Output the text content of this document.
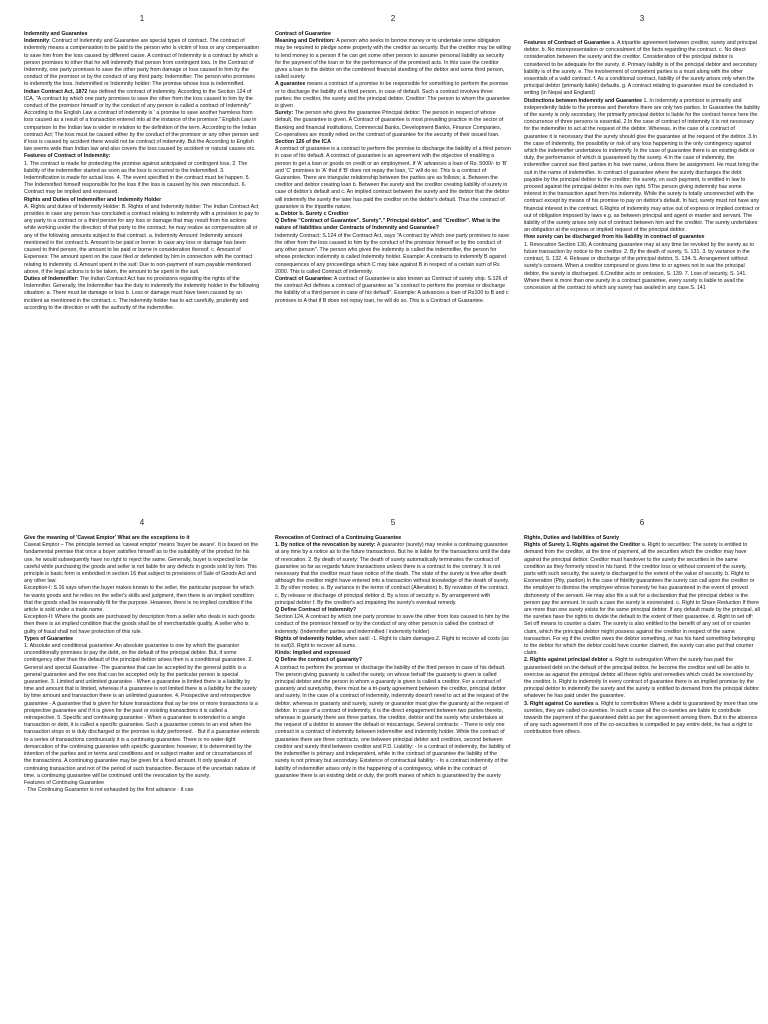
1	2	3
4	5	6

Indemnity and Guarantee

Indemnity: Contract of Indemnity and Guarantee are special types of contract. The contract of indemnity means a compensation to be paid to the person who is victim of loss or any compensation to save him from the loss caused by different cause. A contract of Indemnity is a contract by which a person promises to other that he will indemnify that person from contingent loss. In the Contract of Indemnity, one party promises to save the other party from damage or loss caused to him by the conduct of the promisor or by the conduct of any third party. Indemnifier: The person who promises to indemnify the loss. Indemnified or Indemnity holder: The promise whose loss is indemnified.

Indian Contract Act, 1872 has defined the contract of indemnity. According to the Section 124 of ICA, "A contract by which one party promises to save the other from the loss caused to him by the conduct of the promisor himself or by the conduct of any person is called a contract of Indemnity" According to the English Law a contract of indemnity is ' a promise to save another harmless from loss caused as a result of a transaction entered into at the instance of the promisor." English Law in comparison to the Indian law is wider in relation to the definition of the term. According to the Indian contract Act; The loss must be caused either by the conduct of the promisor or any other person and if loss is caused by accident there would not be contract of indemnity. But the According to English law seems wide than Indian law and also covers the loss caused by accident or natural causes etc.

Features of Contract of Indemnity:

1. The contract is made for protecting the promise against anticipated or contingent loss. 2. The liability of the indemnifier started as soon as the loss is occurred to the indemnified. 3. Indemnification is made for actual loss. 4. The event specified in the contract must be happen. 5. The Indemnified himself responsible for the loss if the loss is caused by his own misconduct. 6. Contract may be implied and expressed.

Rights and Duties of Indemnifier and Indemnity Holder

A. Rights and duties of Indemnity Holder: B. Rights of and Indemnity holder: The Indian Contract Act provides in case any person has concluded a contract relating to indemnity with a provision to pay to any party to a contract or a third person for any loss or damage that may result from his actions while working under the direction of that party to the contract, he may realize as compensation all or any of the following amounts subject to that contract. a. Indemnity Amount: Indemnity amount mentioned in the contract b. Amount to be paid or borne: In case any loss or damage has been caused to third person, the amount to be paid or borne in consideration thereof. c. Amount of Expenses: The amount spent on the case filed or defended by him in connection with the contract relating to indemnity. d. Amount spent in the suit: Due to non-payment of sum payable mentioned above, if the legal actions is to be taken, the amount to be spent in the suit.

Duties of Indemnifier: The Indian Contract Act has no provisions regarding the rights of the Indemnifier. Generally, the Indemnifier has the duty to indemnify the indemnity holder in the following situation: a. There must be damage or loss b. Loss or damage must have been caused by an incident as mentioned in the contract. c. The indemnity holder has to act carefully, prudently and according to the direction or with the authority of the indemnifier.

Contract of Guarantee

Meaning and Definition: A person who seeks to borrow money or to undertake some obligation may be required to pledge some property with the creditor as security. But the creditor may be willing to lend money to a person if he can get some other person to assume personal liability as security for the payment of the loan or for the performance of the promised acts. In this case the creditor gives a loan to the debtor on the combined financial standing of the debtor and some third person, called surety.

A guarantee means a contract of a promise to be responsible for something to perform the promise or to discharge the liability of a third person, in case of default. Such a contract involves three parties; the creditor, the surety and the principal debtor. Creditor: The person to whom the guarantee is given

Surety: The person who gives the guarantee Principal debtor: The person in respect of whose default, the guarantee is given. A Contract of guarantee is most prevailing practice in the sector of Banking and financial institutions, Commercial Banks, Development Banks, Finance Companies, Co-operatives are mostly relied on the contract of guarantee for the security of their issued loan.

Section 126 of the ICA

A contract of guarantee is a contract to perform the promise to discharge the liability of a third person in case of his default. A contract of guarantee is an agreement with the objective of enabling a person to get a loan or goods on credit or an employment. If 'A' advances a loan of Rs. 5000/- to 'B' and 'C' promises to 'A' that if 'B' does not repay the loan, 'C' will do so. This is a contract of Guarantee. There are triangular relationship between the parties are as follows; a. Between the creditor and debtor creating loan b. Between the surety and the creditor creating liability of surety in case of debtor's default and c. An implied contract between the surety and the debtor that the debtor will indemnify the surety the later has paid the creditor on the debtor's default. Thus the contract of guarantee is the tripartite nature.

a. Debtor b. Surety c Creditor

Q Define "Contract of Guarantee", Surety"," Principal debtor", and "Creditor". What is the nature of liabilities under Contracts of Indemnity and Guarantee?

Indemnity Contract: S.124 of the Contract Act, says "A contract by which one party promises to save the other from the loss caused to him by the conduct of the promisor himself or by the conduct of any other person". The person who gives the indemnity is called the indemnifier, the person for whose protection indemnity is called Indemnity holder. Example: A contracts to indemnify B against consequences of any proceedings which C may take against B in respect of a certain sum of Rs 2000. This is called Contract of indemnity.

Contract of Guarantee: A contract of Guarantee is also known as Contract of surety ship. S.126 of the contract Act defines a contract of guarantee as "a contract to perform the promise or discharge the liability of a third person in case of his default". Example: A advances a loan of Rs100 to B and c promises to A that if B does not repay loan, he will do so. This is a Contract of Guarantee.

Features of Contract of Guarantee a. A tripartite agreement between creditor, surety and principal debtor. b. No misrepresentation or concealment of the facts regarding the contract. c. No direct consideration between the surety and the creditor. Consideration of the principal debtor is considered to be adequate for the surety. d. Primary liability is of the principal debtor and secondary liability is of the surety. e. The involvement of competent parties is a must along with the other essentials of a valid contract. f. As a conditional contract, liability of the surety arises only when the principal debtor (primarily liable) defaults. g. A contract relating to guarantee must be concluded in writing (in Nepal and England)

Distinctions between Indemnity and Guarantee 1. In indemnity a promisor is primarily and independently liable to the promise and therefore there are only two parties. In Guarantee the liability of the surety is only secondary, the primarily principal debtor is liable for the contract hence here the concurrence of three persons is essential. 2.In the case of contract of indemnity it is not necessary for the indemnifier to act at the request of the debtor. Whereas, in the case of a contract of guarantee it is necessary that the surety should give the guarantee at the request of the debtor. 3.In the case of Indemnity, the possibility or risk of any loss happening is the only contingency against which the indemnifier undertakes to indemnify. In the case of guarantee there is an existing debt or duty, the performance of which is guaranteed by the surety. 4.In the case of indemnity, the indemnifier cannot sue third parties in his own name, unless there be assignment. He must bring the suit in the name of indemnifier. In contract of guarantee where the surety discharges the debt payable by the principal debtor to the creditor; the surety, on such payment, is entitled in law to proceed against the principal debtor in his own right. 5The person giving indemnity has some interest in the transaction apart from his indemnity. While the surety is totally unconnected with the contract except by means of his promise to pay on debtor's default. In fact, surety must not have any financial interest in the contract. 6.Rights of indemnity may arise out of express or implied contract or out of obligation imposed by laws e.g. as between principal and agent or master and servant. The liability of the surety arises only out of contract between him and the creditor. The surety undertakes an obligation at the express or implied request of the principal debtor.

How surety can be discharged from his liability in contract of guarantee

1. Revocation Section 130, A continuing guarantee may at any time be revoked by the surety as to future transaction by notice to the creditor. 2. By the death of surety, S. 131. 3. by variance in the contract, S. 132. 4. Release or discharge of the principal debtor, S. 134. 5. Arrangement without surety's consent. When a creditor compound or gives time to or agrees not to sue the principal debtor, the surety is discharged. 6.Creditor acts or omission, S. 139. 7. Loss of security, S. 141. Where there is more than one surety in a contract guarantee, every surety is liable to avail the concession at the contract to which any surety has availed in any case.S. 141

Give the meaning of 'Caveat Emptor' What are the exceptions to it

Caveat Emptor – The principle termed as 'caveat emptor' means 'buyer be aware'. It is based on the fundamental premise that once a buyer satisfies himself as to the suitability of the product for his use, he would subsequently have no right to reject the same. Generally, buyer is expected to be careful while purchasing the goods and seller is not liable for any defects in goods sold by him. This principle is basic form is embodied in section 16 that subject to provisions of Sale of Goods Act and any other law.

Exception-I: S.16 says when the buyer makes known to the seller, the particular purpose for which he wants goods and he relies on the seller's skills and judgment, then there is an implied condition that the goods shall be reasonably fit for the purpose. However, there is no implied condition if the article is sold under a trade name.

Exception-II: Where the goods are purchased by description from a seller who deals in such goods then there is an implied condition that the goods shall be of merchantable quality. A seller who is guilty of fraud shall not have protection of this rule.

Types of Guarantee

1. Absolute and conditional guarantee: An absolute guarantee is one by which the guarantor unconditionally promises to pay the debt, on the default of the principal debtor. But, if some contingency other than the default of the principal debtor arises then is a conditional guarantee. 2. General and special Guarantee -The guarantee that can be accepted by the general public is a general guarantee and the one that can be accepted only by the particular person is special guarantee. 3. Limited and unlimited guarantee - When a guarantee is limited there is a liability by time and amount that is limited, whereas if a guarantee is not limited there is a liability for the surety by time amount and transaction there is an unlimited guarantee. 4. Prospective and retrospective guarantee - A guarantee that is given for future transactions that ay be one or more transactions is a prospective guarantee and if it is given for the past or existing transactions it is called a retrospective. 5. Specific and continuing guarantee - When a guarantee is extended to a single transaction or debt, it is called a specific guarantee. Such a guarantee comes to an end when the transaction stops or is duly discharged or the promise is duly performed. · But if a guarantee extends to a series of transactions continuously it is a continuing guarantee. There is no water-tight demarcation of the continuing guarantee with specific guarantee; however, it is determined by the intention of the parties and or terms and conditions and or subject matter and or circumstances of the transactions. A continuing guarantee may be given for a fixed amount. It only speaks of continuing transaction and not of the period of such transaction. Because of the uncertain nature of time, a continuing guarantee will be continued until the revocation by the surety.

Features of Continuing Guarantee

· The Continuing Guarantor is not exhausted by the first advance · It can

Revocation of Contract of a Continuing Guarantee

1. By notice of the revocation by surety: A guarantor (surety) may revoke a continuing guarantee at any time by a notice as to the future transactions. But he is liable for the transactions until the date of revocation. 2. By death of surety: The death of surety automatically terminates the contract of guarantee so far as regards future transactions unless there is a contract to the contrary. It is not necessary that the creditor must have notice of the death. The state of the surety is free after death although the creditor might have entered into a transaction without knowledge of the death of surety. 3. By other modes; a. By variance in the terms of contract (Alteration) b. By novation of the contract. c. By release or discharge of principal debtor d. By a loss of security e. By arrangement with principal debtor f. By the creditor's act impairing the surety's eventual remedy.

Q Define Contract of Indemnity?

Section 124, A contract by which one party promise to save the other from loss caused to him by the conduct of the promisor himself or by the conduct of any other person is called the contract of indemnity. (Indemnifier parties and indemnified / indemnity holder)

Rights of indemnity holder, when said: -1. Right to claim damages.2. Right to recover all costs (as to suit)3. Right to recover all sums.

Kinds: Implied and expressed

Q Define the contract of guaranty?

A contract to perform the promise or discharge the liability of the third person in case of his default. The person giving guaranty is called the surety, on whose behalf the guaranty is given is called principal debtor and the person to whom a guaranty is given is called a creditor. For a contract of guaranty and suretyship, there must be a tri-party agreement between the creditor, principal debtor and surety. In the case of a contract of indemnity, indemnity doesn't need to act at the request of the debtor, whereas in guaranty and surety, surety or guarantor must give the guaranty at the request of debtor. In case of a contract of indemnity, it is the direct engagement between two parties thereto, whereas in guaranty there are three parties, the creditor, debtor and the surety who undertakes at the request of a debtor to answer the default or miscarriage. Several contracts: - There is only one contract in a contract of indemnity between indemnifier and indemnity holder. While the contract of guarantee there are three contracts, one between principal debtor and creditors, second between creditor and surety third between creditor and P.D. Liability: - In a contract of indemnity, the liability of the indemnifier is primary and independent, while in the contract of guarantee the liability of the surety is not primary but secondary. Existence of contractual liability: - In a contract indemnity of the liability of indemnifier arises only in the happening of a contingency, while in the contract of guarantee there is an existing debt or duty, the profit manes of which is guaranteed by the surety

Rights, Duties and liabilities of Surety

Rights of Surety 1. Rights against the Creditor a. Right to securities: The surety is entitled to demand from the creditor, at the time of payment, all the securities which the creditor may have against the principal debtor. Creditor must handover to the surety the securities in the same condition as they formerly stood in his hand. If the creditor loss or without consent of the surety, parts with such security, the surety is discharged to the extent of the value of security. b. Right to Exoneration (Pity, pardon) In the case of fidelity guarantees the surety can call upon the creditor or the employer to dismiss the employee whose honesty he has guaranteed in the event of proved dishonesty of the servant. He may also file a suit for a declaration that the principal debtor is the person pay the amount. In such a case the surety is exonerated. c. Right to Share Reduction If there are more than one surety exists for the same principal debtor. If any default made by the principal, all the sureties have the rights to divide the default to the extent of their guarantee. d. Right to set off: Set off means to counter a claim. The surety is also entitled to the benefit of any set of or counter claim, which the principal debtor might possess against the creditor in respect of the same transaction. For eg if the creditor owes the debtor something, or has his hand something belonging to the debtor for which the debtor could have counter claimed, the surety can also put that counter claim.

2. Rights against principal debtor a. Right to subrogation When the surety has paid the guaranteed debt on the default of the principal debtor, he become the creditor and will be able to exercise as against the principal debtor all these rights and remedies which could be exercised by the creditor. b. Right to indemnity In every contract of guarantee there is an implied promise by the principal debtor to indemnify the surety and the surety is entitled to demand from the principal debtor whatever he has paid under the guarantee.

3. Right against Co sureties a. Right to contribution Where a debt is guaranteed by more than one sureties, they are called co-sureties. In such a case all the co-sureties are liable to contribute towards the payment of the guaranteed debt as per the agreement among them. But in the absence of any such agreement if one of the co-securities is compelled to pay entire debt, he has a right to contribution from others.
